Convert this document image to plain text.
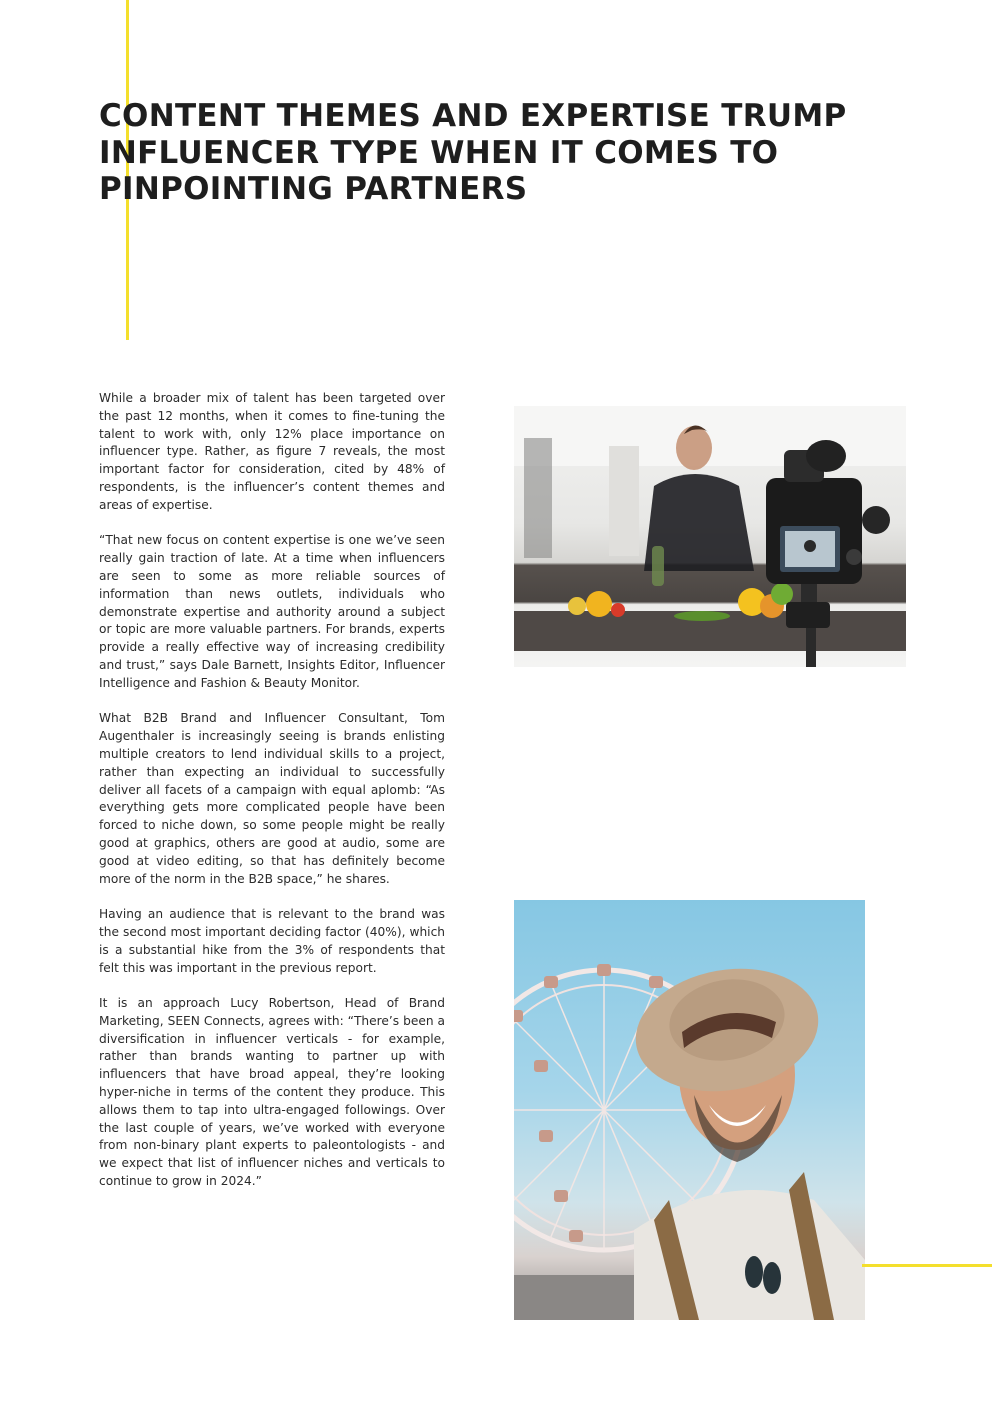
CONTENT THEMES AND EXPERTISE TRUMP INFLUENCER TYPE WHEN IT COMES TO PINPOINTING PARTNERS

While a broader mix of talent has been targeted over the past 12 months, when it comes to fine-tuning the talent to work with, only 12% place importance on influencer type. Rather, as figure 7 reveals, the most important factor for consideration, cited by 48% of respondents, is the influencer’s content themes and areas of expertise.

“That new focus on content expertise is one we’ve seen really gain traction of late. At a time when influencers are seen to some as more reliable sources of information than news outlets, individuals who demonstrate expertise and authority around a subject or topic are more valuable partners. For brands, experts provide a really effective way of increasing credibility and trust,” says Dale Barnett, Insights Editor, Influencer Intelligence and Fashion & Beauty Monitor.

What B2B Brand and Influencer Consultant, Tom Augenthaler is increasingly seeing is brands enlisting multiple creators to lend individual skills to a project, rather than expecting an individual to successfully deliver all facets of a campaign with equal aplomb: “As everything gets more complicated people have been forced to niche down, so some people might be really good at graphics, others are good at audio, some are good at video editing, so that has definitely become more of the norm in the B2B space,” he shares.

Having an audience that is relevant to the brand was the second most important deciding factor (40%), which is a substantial hike from the 3% of respondents that felt this was important in the previous report.

It is an approach Lucy Robertson, Head of Brand Marketing, SEEN Connects, agrees with: “There’s been a diversification in influencer verticals - for example, rather than brands wanting to partner up with influencers that have broad appeal, they’re looking hyper-niche in terms of the content they produce. This allows them to tap into ultra-engaged followings. Over the last couple of years, we’ve worked with everyone from non-binary plant experts to paleontologists - and we expect that list of influencer niches and verticals to continue to grow in 2024.”
